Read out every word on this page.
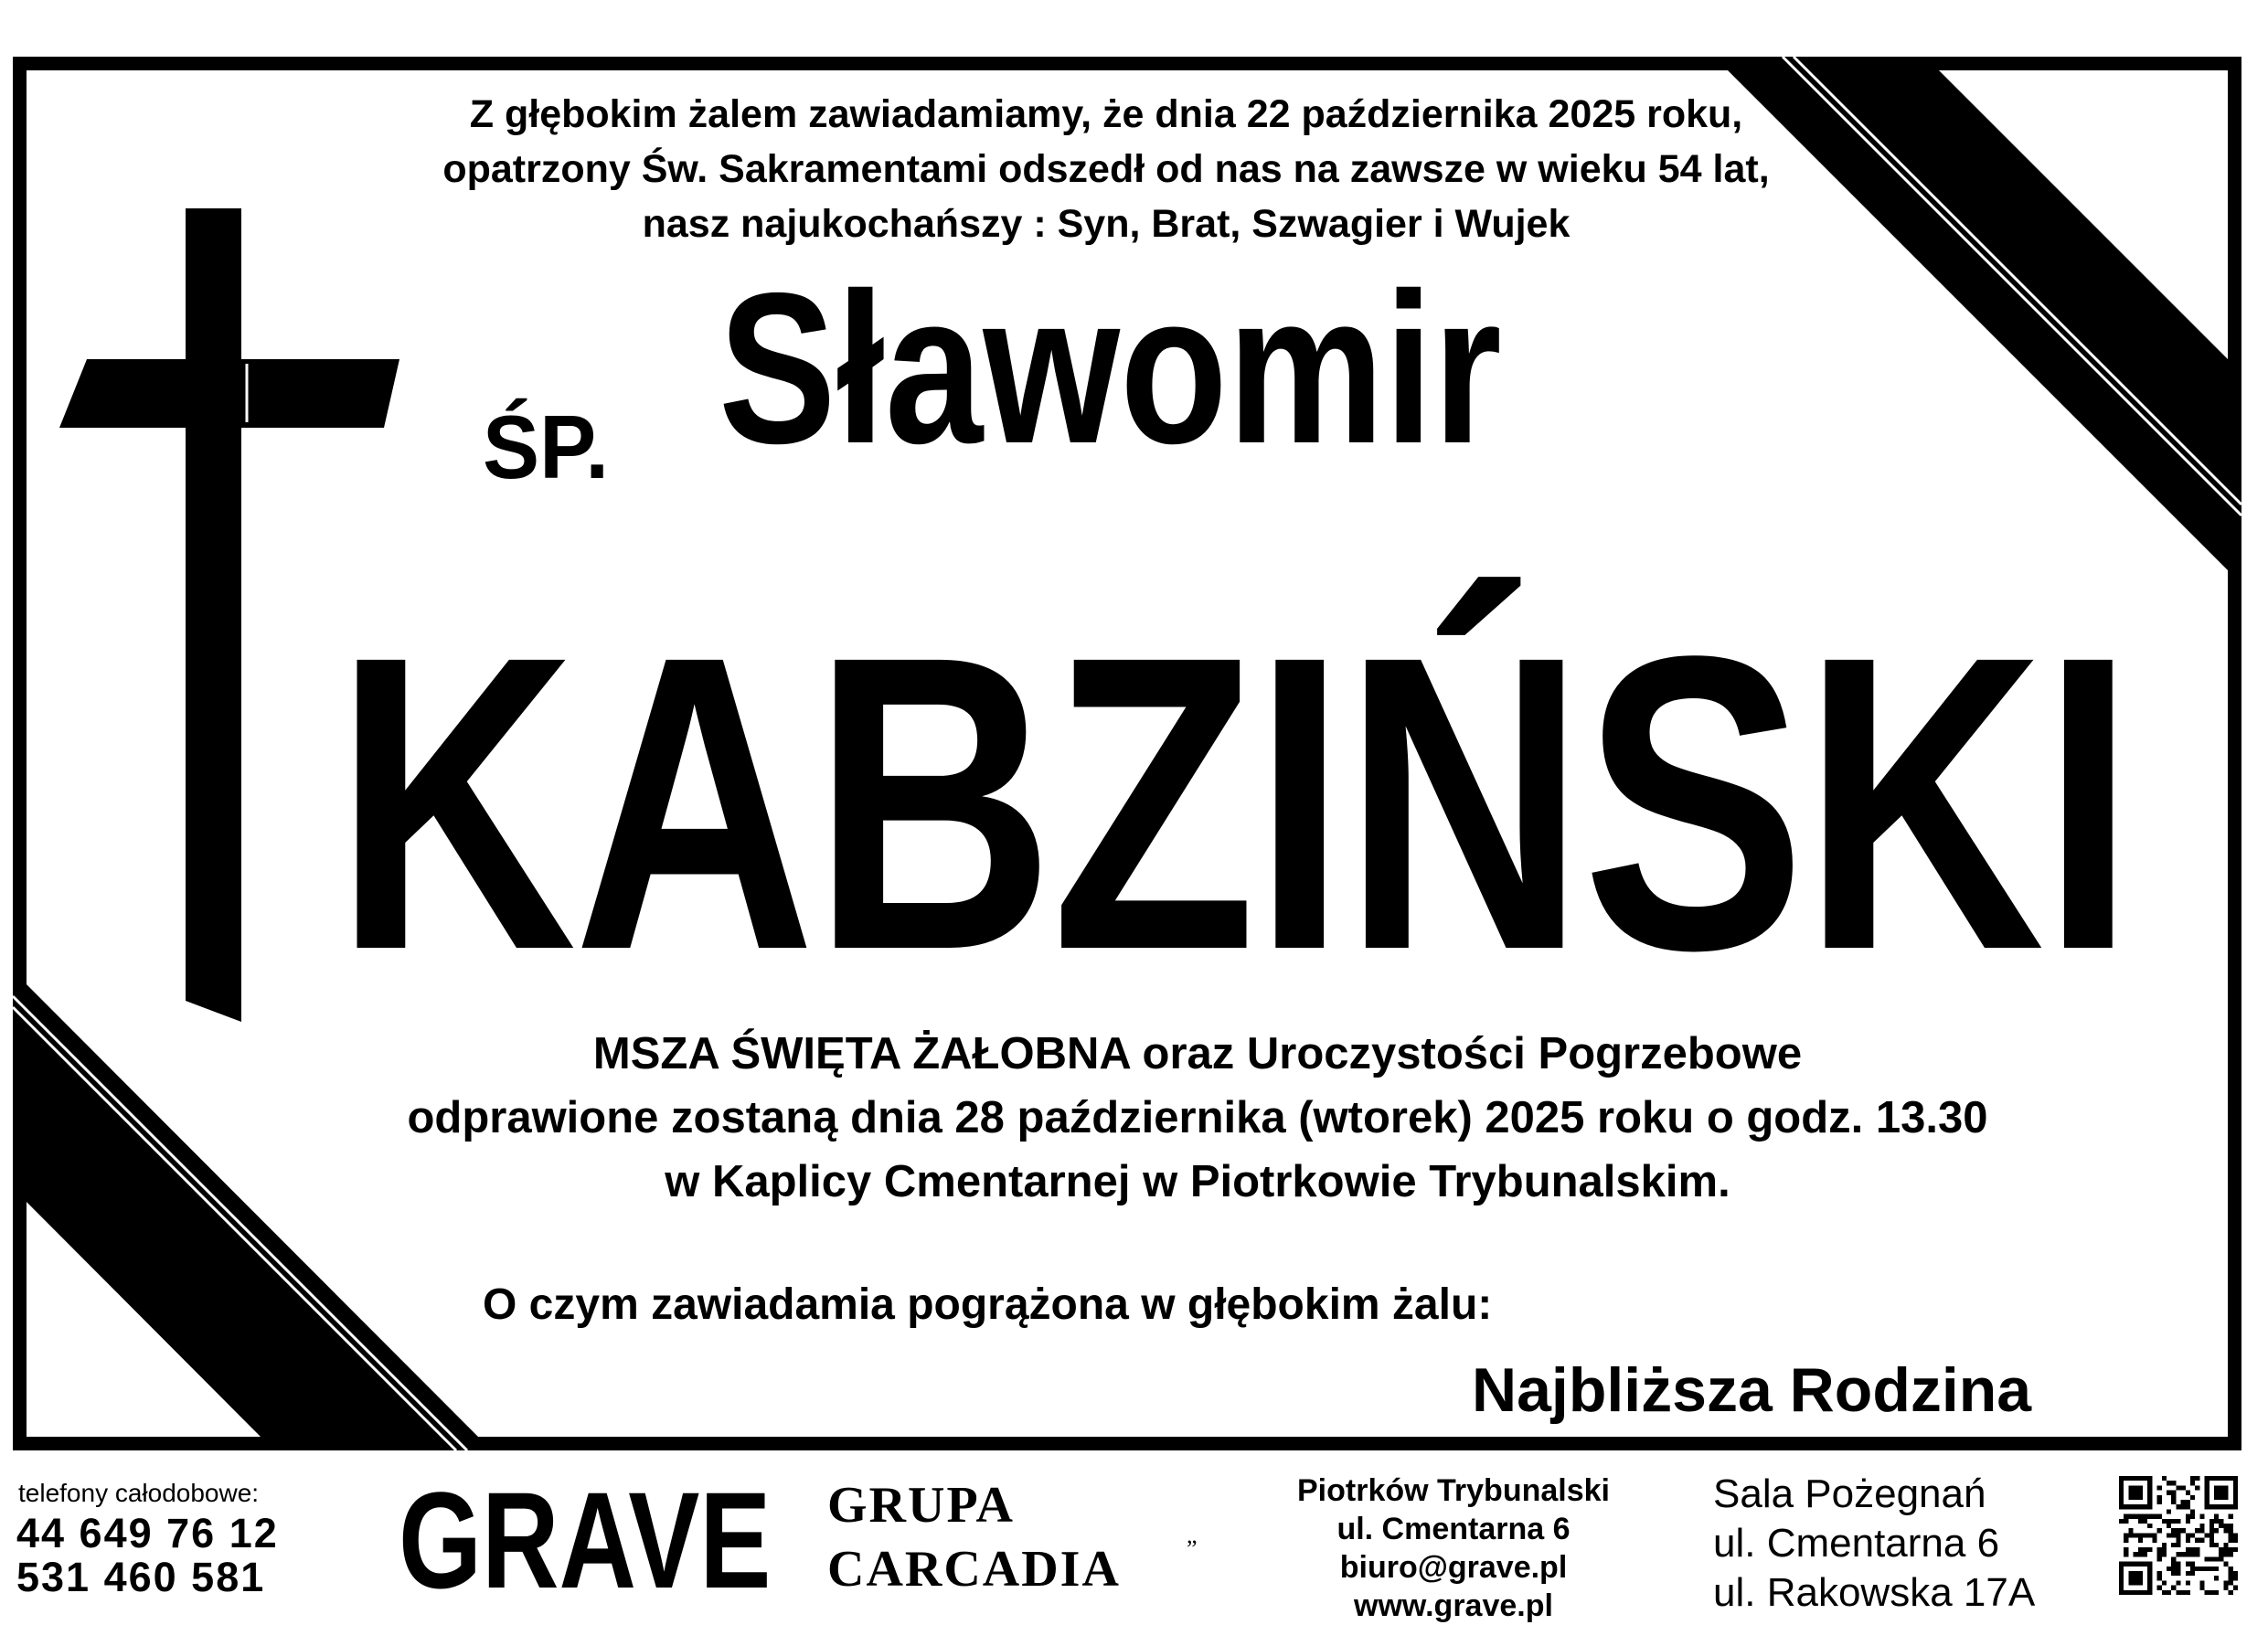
Z głębokim żalem zawiadamiamy, że dnia 22 października 2025 roku,
opatrzony Św. Sakramentami odszedł od nas na zawsze w wieku 54 lat,
nasz najukochańszy : Syn, Brat, Szwagier i Wujek
ŚP. Sławomir
KABZIŃSKI
MSZA ŚWIĘTA ŻAŁOBNA oraz Uroczystości Pogrzebowe
odprawione zostaną dnia 28 października (wtorek) 2025 roku o godz. 13.30
w Kaplicy Cmentarnej w Piotrkowie Trybunalskim.
O czym zawiadamia pogrążona w głębokim żalu:
Najbliższa Rodzina
telefony całodobowe:
44 649 76 12
531 460 581 GRAVE GRUPA
CARCADIA	”
Piotrków Trybunalski
ul. Cmentarna 6
biuro@grave.pl
www.grave.pl
Sala Pożegnań
ul. Cmentarna 6
ul. Rakowska 17A
